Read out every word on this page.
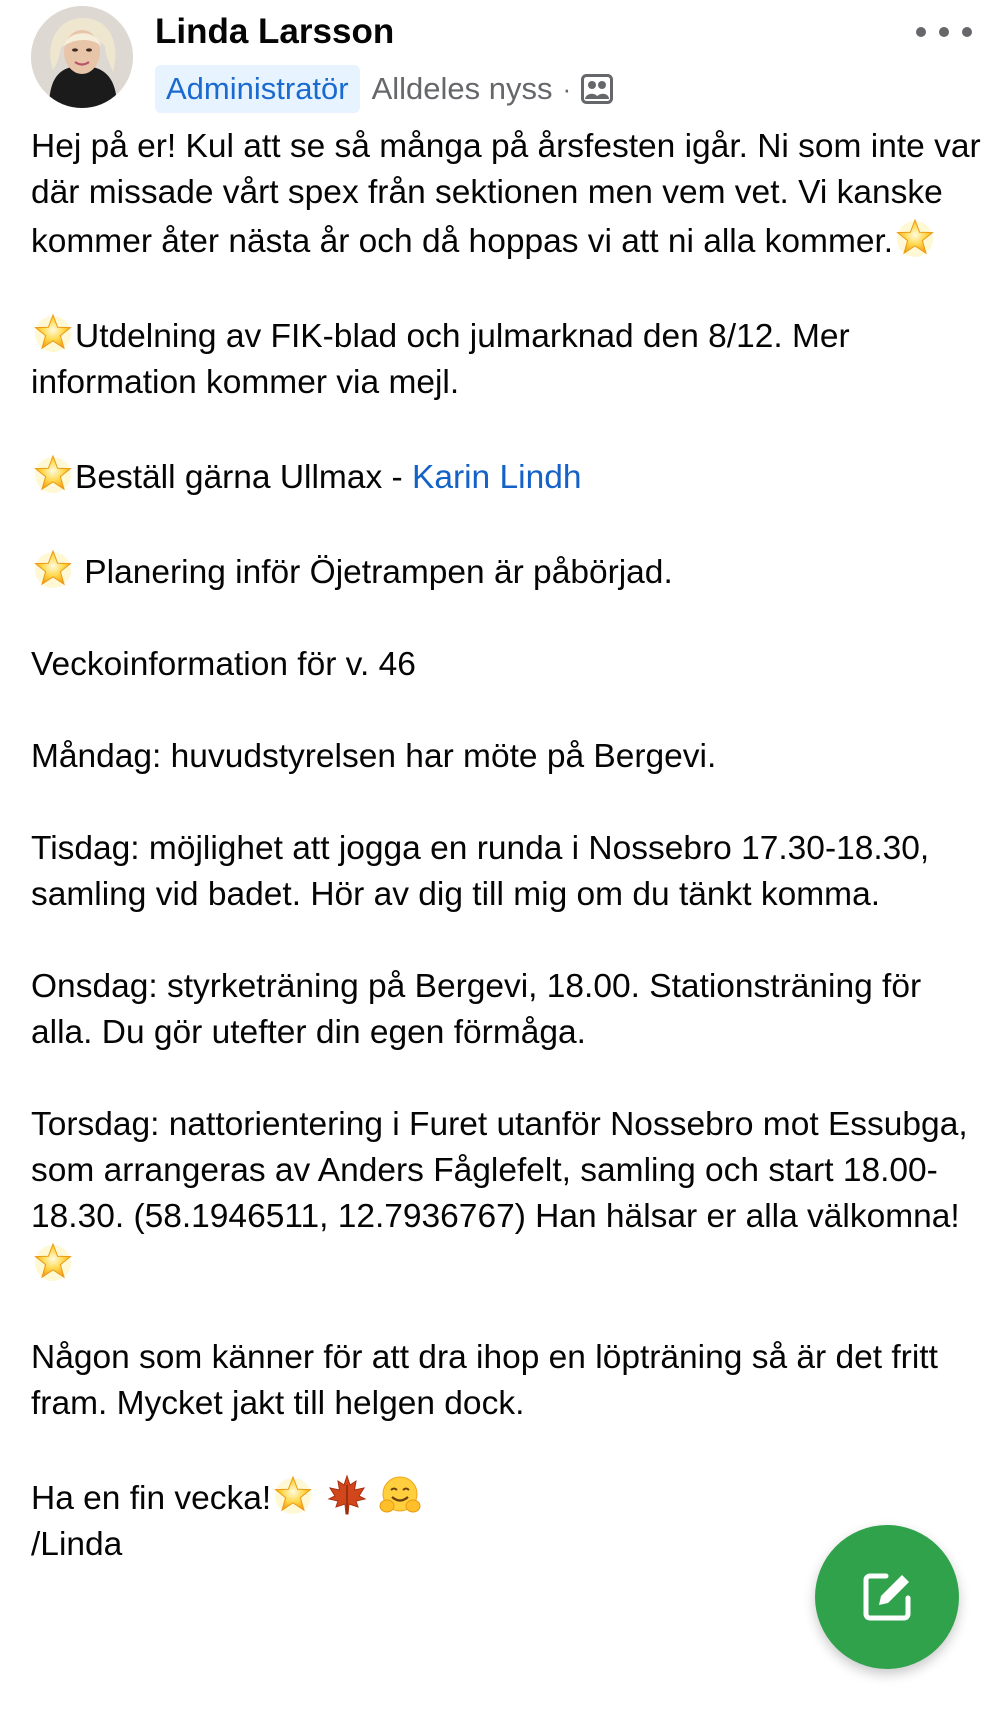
Linda Larsson
Administratör Alldeles nyss ·

Hej på er! Kul att se så många på årsfesten igår. Ni som inte var där missade vårt spex från sektionen men vem vet. Vi kanske kommer åter nästa år och då hoppas vi att ni alla kommer.

Utdelning av FIK-blad och julmarknad den 8/12. Mer information kommer via mejl.

Beställ gärna Ullmax - Karin Lindh

Planering inför Öjetrampen är påbörjad.

Veckoinformation för v. 46

Måndag: huvudstyrelsen har möte på Bergevi.

Tisdag: möjlighet att jogga en runda i Nossebro 17.30-18.30, samling vid badet. Hör av dig till mig om du tänkt komma.

Onsdag: styrketräning på Bergevi, 18.00. Stationsträning för alla. Du gör utefter din egen förmåga.

Torsdag: nattorientering i Furet utanför Nossebro mot Essubga, som arrangeras av Anders Fåglefelt, samling och start 18.00-18.30. (58.1946511, 12.7936767) Han hälsar er alla välkomna!

Någon som känner för att dra ihop en löpträning så är det fritt fram. Mycket jakt till helgen dock.

Ha en fin vecka!

/Linda
